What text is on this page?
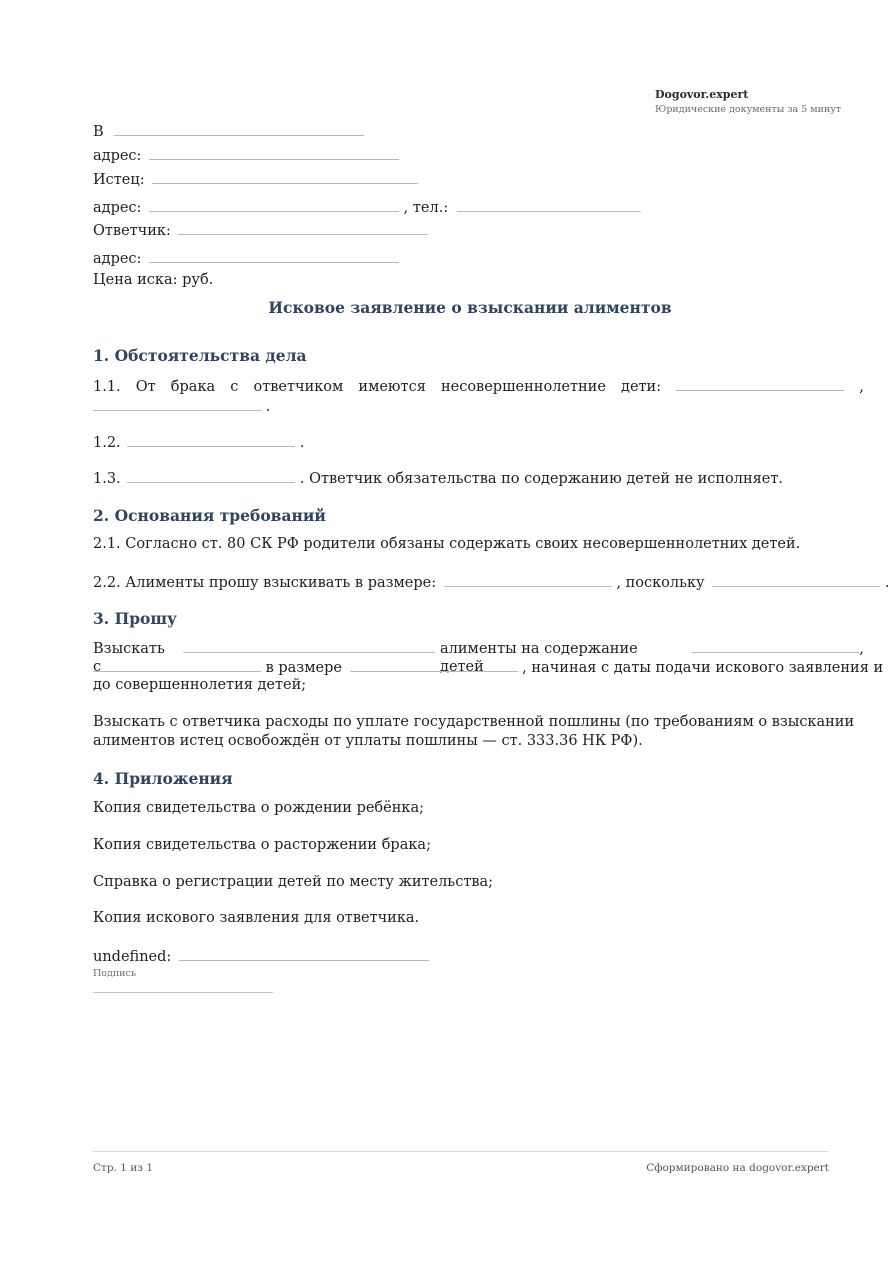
Dogovor.expert
Юридические документы за 5 минут
В
адрес:
Истец:
адрес:	, тел.:
Ответчик:
адрес:
Цена иска: руб.
Исковое заявление о взыскании алиментов
1. Обстоятельства дела
1.1. От брака с ответчиком имеются несовершеннолетние дети:	,
.
1.2.	.
1.3.	. Ответчик обязательства по содержанию детей не исполняет.
2. Основания требований
2.1. Согласно ст. 80 СК РФ родители обязаны содержать своих несовершеннолетних детей.
2.2. Алименты прошу взыскивать в размере:	, поскольку	.
3. Прошу
Взыскать с
алименты на содержание детей
,
в размере	, начиная с даты подачи искового заявления и
до совершеннолетия детей;
Взыскать с ответчика расходы по уплате государственной пошлины (по требованиям о взыскании
алиментов истец освобождён от уплаты пошлины — ст. 333.36 НК РФ).
4. Приложения
Копия свидетельства о рождении ребёнка;
Копия свидетельства о расторжении брака;
Справка о регистрации детей по месту жительства;
Копия искового заявления для ответчика.
undefined:
Подпись
Стр. 1 из 1	Сформировано на dogovor.expert
